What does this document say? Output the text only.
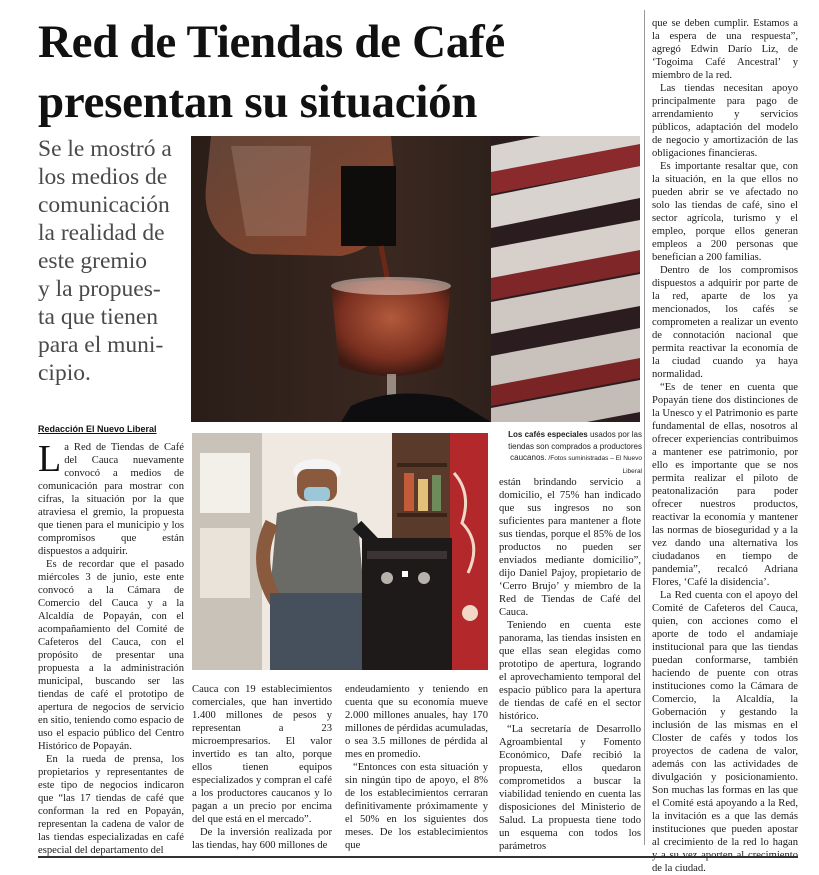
Red de Tiendas de Café
presentan su situación
Se le mostró a
los medios de
comunicación
la realidad de
este gremio
y la propues-
ta que tienen
para el muni-
cipio.
Redacción El Nuevo Liberal
Los cafés especiales usados por las tiendas son comprados a productores caucanos. /Fotos suministradas – El Nuevo Liberal

La Red de Tiendas de Café del Cauca nuevamente convocó a medios de comunicación para mostrar con cifras, la situación por la que atraviesa el gremio, la propuesta que tienen para el municipio y los compromisos que están dispuestos a adquirir.

Es de recordar que el pasado miércoles 3 de junio, este ente convocó a la Cámara de Comercio del Cauca y a la Alcaldía de Popayán, con el acompañamiento del Comité de Cafeteros del Cauca, con el propósito de presentar una propuesta a la administración municipal, buscando ser las tiendas de café el prototipo de apertura de negocios de servicio en sitio, teniendo como espacio de uso el espacio público del Centro Histórico de Popayán.

En la rueda de prensa, los propietarios y representantes de este tipo de negocios indicaron que “las 17 tiendas de café que conforman la red en Popayán, representan la cadena de valor de las tiendas especializadas en café especial del departamento del

Cauca con 19 establecimientos comerciales, que han invertido 1.400 millones de pesos y representan a 23 microempresarios. El valor invertido es tan alto, porque ellos tienen equipos especializados y compran el café a los productores caucanos y lo pagan a un precio por encima del que está en el mercado”.

De la inversión realizada por las tiendas, hay 600 millones de

endeudamiento y teniendo en cuenta que su economía mueve 2.000 millones anuales, hay 170 millones de pérdidas acumuladas, o sea 3.5 millones de pérdida al mes en promedio.

“Entonces con esta situación y sin ningún tipo de apoyo, el 8% de los establecimientos cerraran definitivamente próximamente y el 50% en los siguientes dos meses. De los establecimientos que

están brindando servicio a domicilio, el 75% han indicado que sus ingresos no son suficientes para mantener a flote sus tiendas, porque el 85% de los productos no pueden ser enviados mediante domicilio”, dijo Daniel Pajoy, propietario de ‘Cerro Brujo’ y miembro de la Red de Tiendas de Café del Cauca.

Teniendo en cuenta este panorama, las tiendas insisten en que ellas sean elegidas como prototipo de apertura, logrando el aprovechamiento temporal del espacio público para la apertura de tiendas de café en el sector histórico.

“La secretaría de Desarrollo Agroambiental y Fomento Económico, Dafe recibió la propuesta, ellos quedaron comprometidos a buscar la viabilidad teniendo en cuenta las disposiciones del Ministerio de Salud. La propuesta tiene todo un esquema con todos los parámetros

que se deben cumplir. Estamos a la espera de una respuesta”, agregó Edwin Darío Liz, de ‘Togoima Café Ancestral’ y miembro de la red.

Las tiendas necesitan apoyo principalmente para pago de arrendamiento y servicios públicos, adaptación del modelo de negocio y amortización de las obligaciones financieras.

Es importante resaltar que, con la situación, en la que ellos no pueden abrir se ve afectado no solo las tiendas de café, sino el sector agrícola, turismo y el empleo, porque ellos generan empleos a 200 personas que benefician a 200 familias.

Dentro de los compromisos dispuestos a adquirir por parte de la red, aparte de los ya mencionados, los cafés se comprometen a realizar un evento de connotación nacional que permita reactivar la economía de la ciudad cuando ya haya normalidad.

“Es de tener en cuenta que Popayán tiene dos distinciones de la Unesco y el Patrimonio es parte fundamental de ellas, nosotros al ofrecer experiencias contribuimos a mantener ese patrimonio, por ello es importante que se nos permita realizar el piloto de peatonalización para poder ofrecer nuestros productos, reactivar la economía y mantener las normas de bioseguridad y a la vez dando una alternativa los ciudadanos en tiempo de pandemia”, recalcó Adriana Flores, ‘Café la disidencia’.

La Red cuenta con el apoyo del Comité de Cafeteros del Cauca, quien, con acciones como el aporte de todo el andamiaje institucional para que las tiendas puedan conformarse, también haciendo de puente con otras instituciones como la Cámara de Comercio, la Alcaldía, la Gobernación y gestando la inclusión de las mismas en el Closter de cafés y todos los proyectos de cadena de valor, además con las actividades de divulgación y posicionamiento. Son muchas las formas en las que el Comité está apoyando a la Red, la invitación es a que las demás instituciones que pueden apostar al crecimiento de la red lo hagan de la ciudad.
